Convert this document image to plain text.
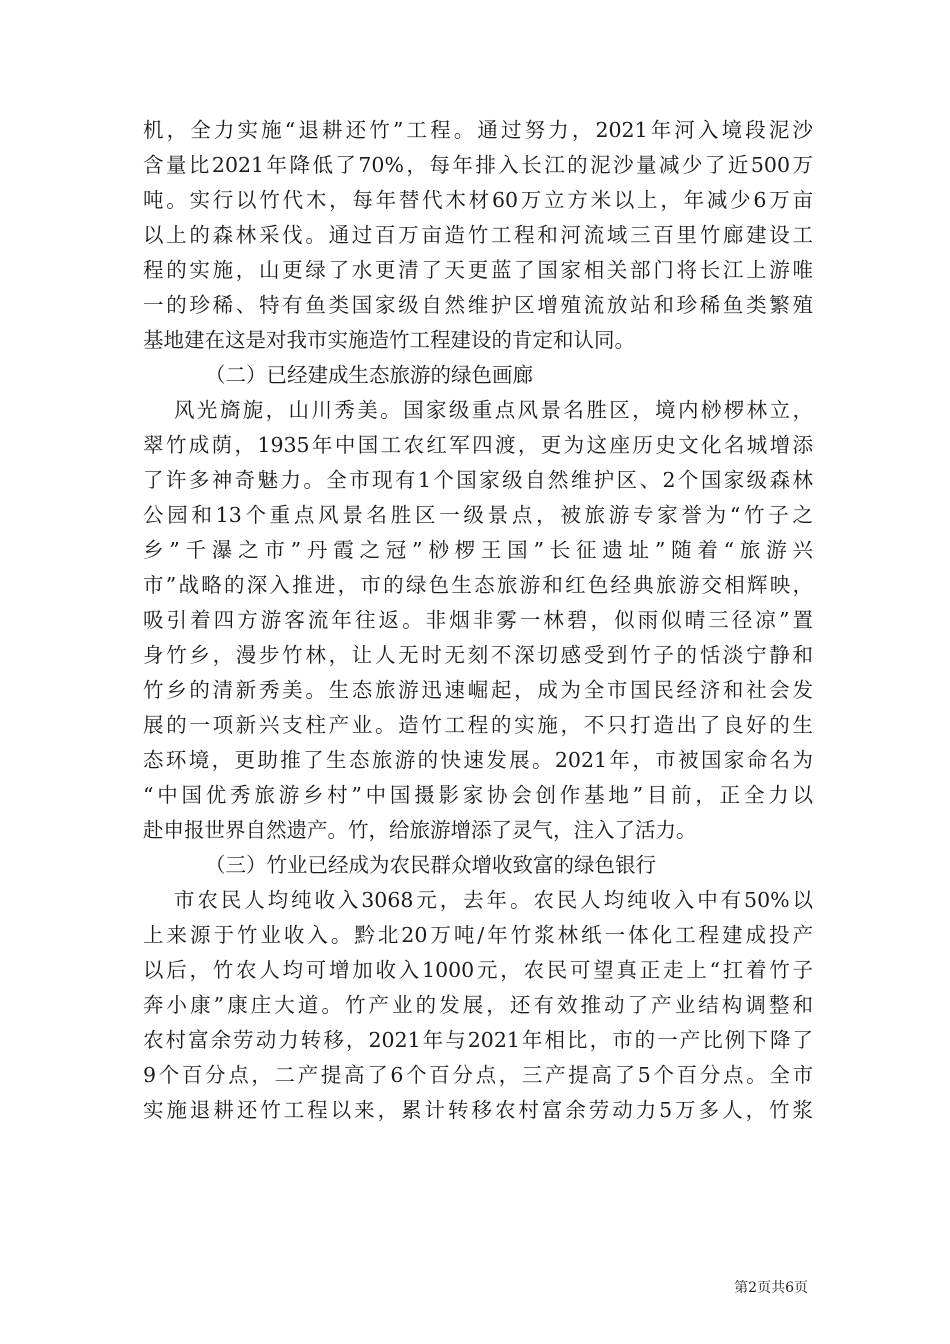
机，全力实施“退耕还竹”工程。通过努力，2021年河入境段泥沙
含量比2021年降低了70%，每年排入长江的泥沙量减少了近500万
吨。实行以竹代木，每年替代木材60万立方米以上，年减少6万亩
以上的森林采伐。通过百万亩造竹工程和河流域三百里竹廊建设工
程的实施，山更绿了水更清了天更蓝了国家相关部门将长江上游唯
一的珍稀、特有鱼类国家级自然维护区增殖流放站和珍稀鱼类繁殖
基地建在这是对我市实施造竹工程建设的肯定和认同。
（二）已经建成生态旅游的绿色画廊
风光旖旎，山川秀美。国家级重点风景名胜区，境内桫椤林立，
翠竹成荫，1935年中国工农红军四渡，更为这座历史文化名城增添
了许多神奇魅力。全市现有1个国家级自然维护区、2个国家级森林
公园和13个重点风景名胜区一级景点，被旅游专家誉为“竹子之
乡”千瀑之市”丹霞之冠”桫椤王国”长征遗址”随着“旅游兴
市”战略的深入推进，市的绿色生态旅游和红色经典旅游交相辉映，
吸引着四方游客流年往返。非烟非雾一林碧，似雨似晴三径凉”置
身竹乡，漫步竹林，让人无时无刻不深切感受到竹子的恬淡宁静和
竹乡的清新秀美。生态旅游迅速崛起，成为全市国民经济和社会发
展的一项新兴支柱产业。造竹工程的实施，不只打造出了良好的生
态环境，更助推了生态旅游的快速发展。2021年，市被国家命名为
“中国优秀旅游乡村”中国摄影家协会创作基地”目前，正全力以
赴申报世界自然遗产。竹，给旅游增添了灵气，注入了活力。
（三）竹业已经成为农民群众增收致富的绿色银行
市农民人均纯收入3068元，去年。农民人均纯收入中有50%以
上来源于竹业收入。黔北20万吨/年竹浆林纸一体化工程建成投产
以后，竹农人均可增加收入1000元，农民可望真正走上“扛着竹子
奔小康”康庄大道。竹产业的发展，还有效推动了产业结构调整和
农村富余劳动力转移，2021年与2021年相比，市的一产比例下降了
9个百分点，二产提高了6个百分点，三产提高了5个百分点。全市
实施退耕还竹工程以来，累计转移农村富余劳动力5万多人，竹浆
第2页共6页
